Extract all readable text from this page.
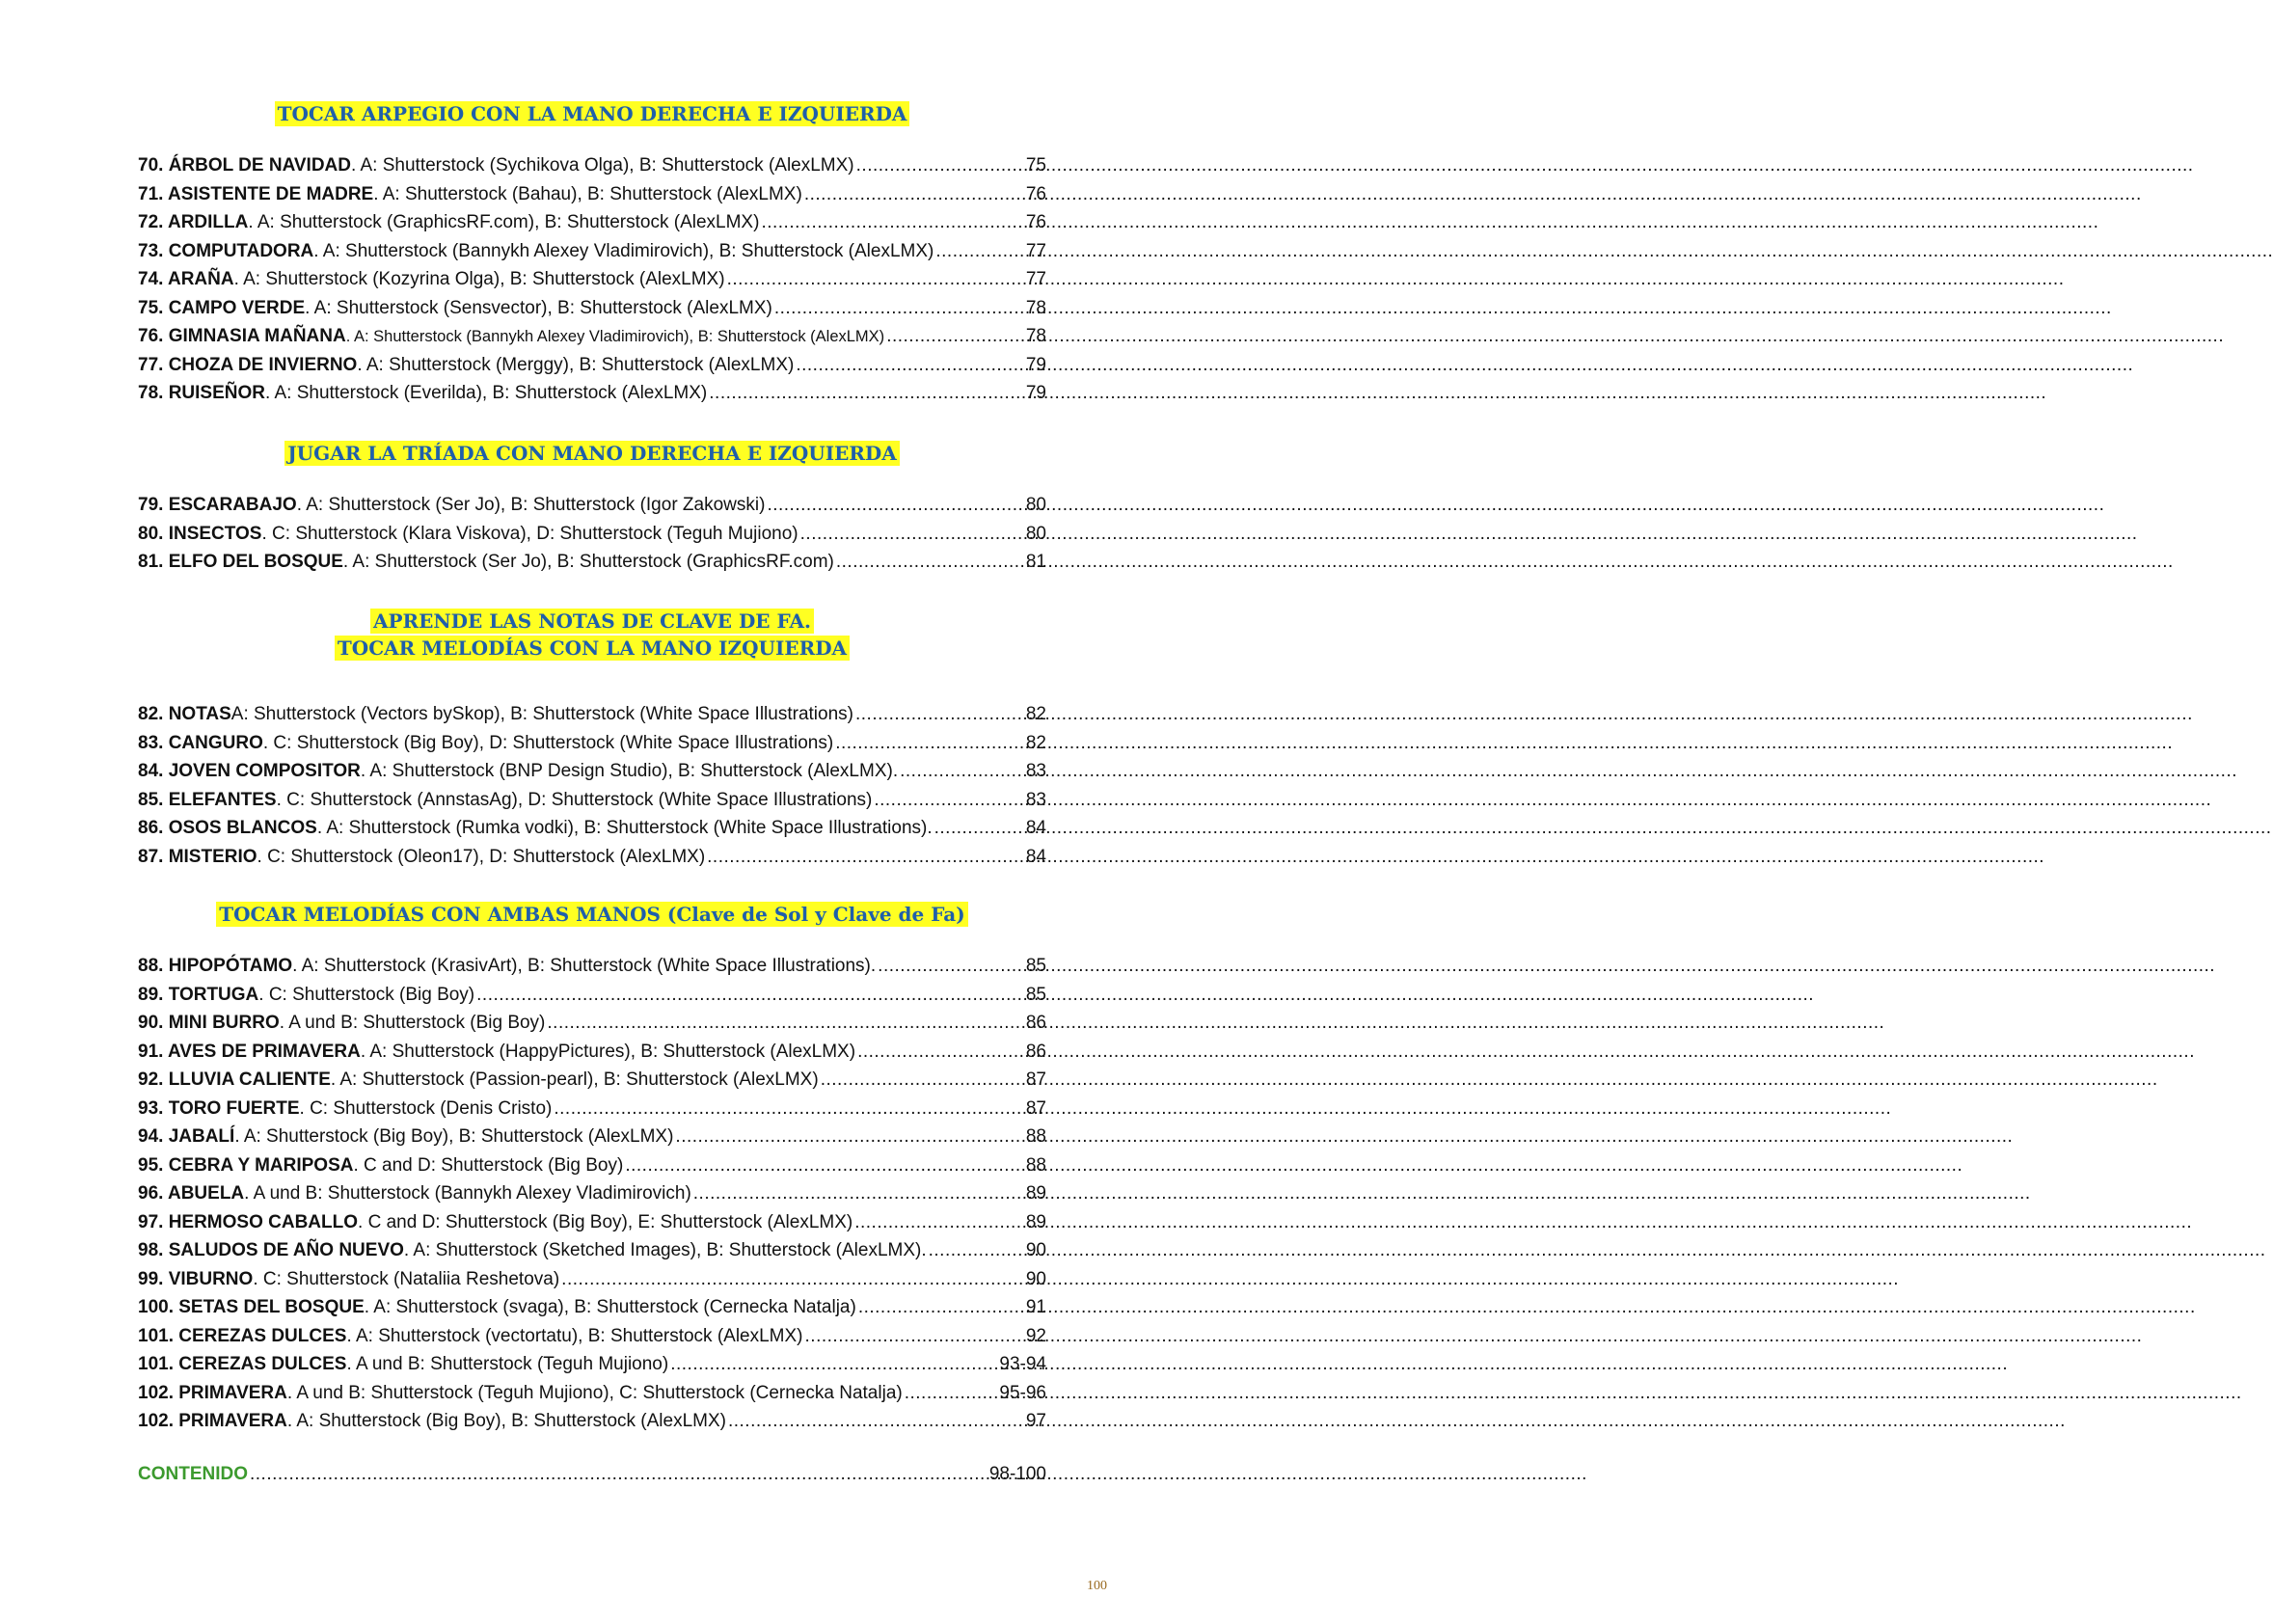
TOCAR ARPEGIO CON LA MANO DERECHA E IZQUIERDA
70. ÁRBOL DE NAVIDAD . A: Shutterstock (Sychikova Olga), B: Shutterstock (AlexLMX) .....	75
71. ASISTENTE DE MADRE . A: Shutterstock (Bahau), B: Shutterstock (AlexLMX) .....	76
72. ARDILLA . A: Shutterstock (GraphicsRF.com), B: Shutterstock (AlexLMX) .....	76
73. COMPUTADORA . A: Shutterstock (Bannykh Alexey Vladimirovich), B: Shutterstock (AlexLMX) .....	77
74. ARAÑA . A: Shutterstock (Kozyrina Olga), B: Shutterstock (AlexLMX) .....	77
75. CAMPO VERDE . A: Shutterstock (Sensvector), B: Shutterstock (AlexLMX) .....	78
76. GIMNASIA MAÑANA . A: Shutterstock (Bannykh Alexey Vladimirovich), B: Shutterstock (AlexLMX) .....	78
77. CHOZA DE INVIERNO . A: Shutterstock (Merggy), B: Shutterstock (AlexLMX) .....	79
78. RUISEÑOR . A: Shutterstock (Everilda), B: Shutterstock (AlexLMX) .....	79
JUGAR LA TRÍADA CON MANO DERECHA E IZQUIERDA
79. ESCARABAJO . A: Shutterstock (Ser Jo), B: Shutterstock (Igor Zakowski) .....	80
80. INSECTOS . C: Shutterstock (Klara Viskova), D: Shutterstock (Teguh Mujiono) .....	80
81. ELFO DEL BOSQUE . A: Shutterstock (Ser Jo), B: Shutterstock (GraphicsRF.com) .....	81
APRENDE LAS NOTAS DE CLAVE DE FA.
TOCAR MELODÍAS CON LA MANO IZQUIERDA
82. NOTAS A: Shutterstock (Vectors bySkop), B: Shutterstock (White Space Illustrations) .....	82
83. CANGURO . C: Shutterstock (Big Boy), D: Shutterstock (White Space Illustrations) .....	82
84. JOVEN COMPOSITOR . A: Shutterstock (BNP Design Studio), B: Shutterstock (AlexLMX). .....	83
85. ELEFANTES . C: Shutterstock (AnnstasAg), D: Shutterstock (White Space Illustrations) .....	83
86. OSOS BLANCOS . A: Shutterstock (Rumka vodki), B: Shutterstock (White Space Illustrations). .....	84
87. MISTERIO . C: Shutterstock (Oleon17), D: Shutterstock (AlexLMX) .....	84
TOCAR MELODÍAS CON AMBAS MANOS (Clave de Sol y Clave de Fa)
88. HIPOPÓTAMO . A: Shutterstock (KrasivArt), B: Shutterstock (White Space Illustrations). .....	85
89. TORTUGA . C: Shutterstock (Big Boy) .....	85
90. MINI BURRO . A und B: Shutterstock (Big Boy) .....	86
91. AVES DE PRIMAVERA . A: Shutterstock (HappyPictures), B: Shutterstock (AlexLMX) .....	86
92. LLUVIA CALIENTE . A: Shutterstock (Passion-pearl), B: Shutterstock (AlexLMX) .....	87
93. TORO FUERTE . C: Shutterstock (Denis Cristo) .....	87
94. JABALÍ . A: Shutterstock (Big Boy), B: Shutterstock (AlexLMX) .....	88
95. CEBRA Y MARIPOSA . C and D: Shutterstock (Big Boy) .....	88
96. ABUELA . A und B: Shutterstock (Bannykh Alexey Vladimirovich) .....	89
97. HERMOSO CABALLO . C and D: Shutterstock (Big Boy), E: Shutterstock (AlexLMX) .....	89
98. SALUDOS DE AÑO NUEVO . A: Shutterstock (Sketched Images), B: Shutterstock (AlexLMX). .....	90
99. VIBURNO . C: Shutterstock (Nataliia Reshetova) .....	90
100. SETAS DEL BOSQUE . A: Shutterstock (svaga), B: Shutterstock (Cernecka Natalja) .....	91
101. CEREZAS DULCES . A: Shutterstock (vectortatu), B: Shutterstock (AlexLMX) .....	92
101. CEREZAS DULCES . A und B: Shutterstock (Teguh Mujiono) .....	93-94
102. PRIMAVERA . A und B: Shutterstock (Teguh Mujiono), C: Shutterstock (Cernecka Natalja) .....	95-96
102. PRIMAVERA . A: Shutterstock (Big Boy), B: Shutterstock (AlexLMX) .....	97
CONTENIDO .....	98-100
100
